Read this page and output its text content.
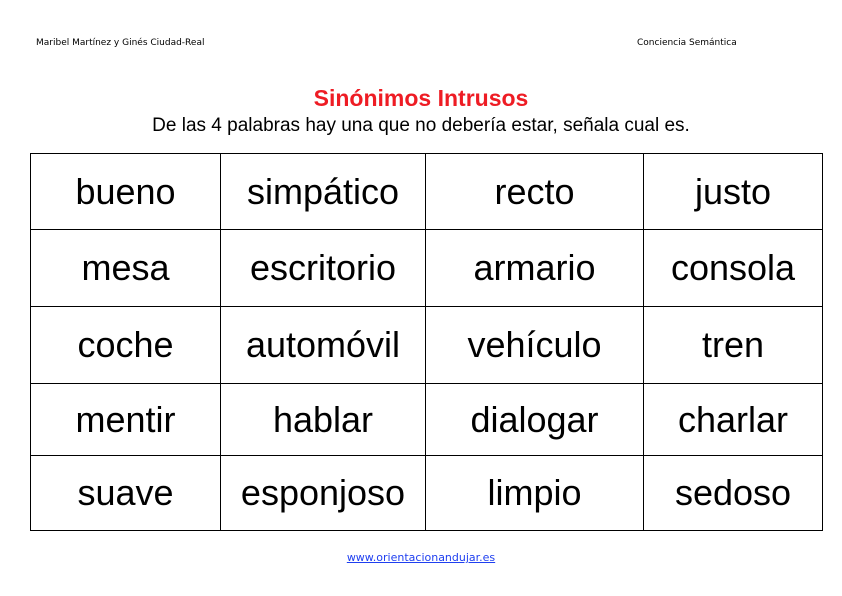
Maribel Martínez y Ginés Ciudad-Real	Conciencia Semántica
Sinónimos Intrusos
De las 4 palabras hay una que no debería estar, señala cual es.
bueno	simpático	recto	justo
mesa	escritorio	armario	consola
coche	automóvil	vehículo	tren
mentir	hablar	dialogar	charlar
suave	esponjoso	limpio	sedoso
www.orientacionandujar.es
